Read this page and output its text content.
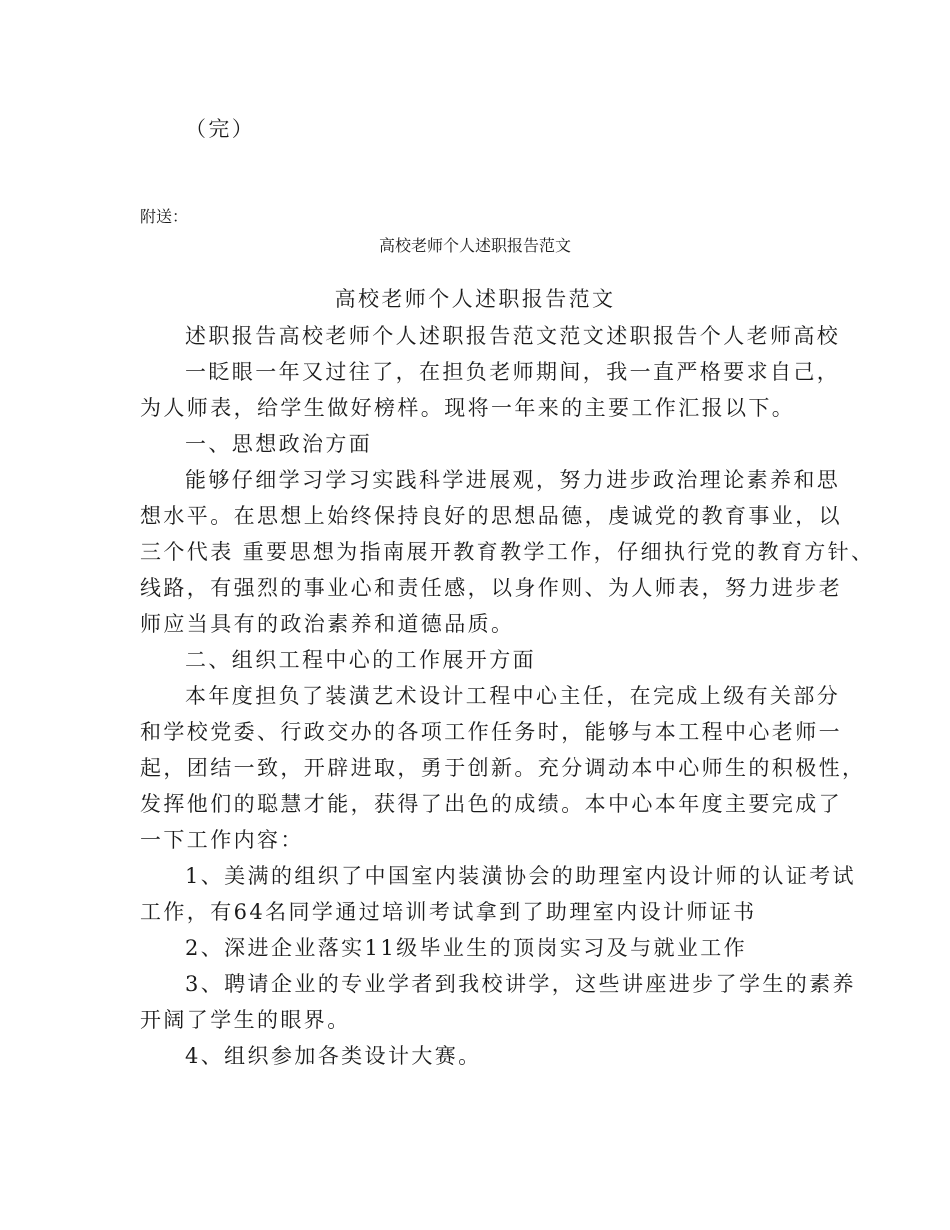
（完）
附送：
高校老师个人述职报告范文
高校老师个人述职报告范文
述职报告高校老师个人述职报告范文范文述职报告个人老师高校
一眨眼一年又过往了，在担负老师期间，我一直严格要求自己，
为人师表，给学生做好榜样。现将一年来的主要工作汇报以下。
一、思想政治方面
能够仔细学习学习实践科学进展观，努力进步政治理论素养和思
想水平。在思想上始终保持良好的思想品德，虔诚党的教育事业，以
三个代表 重要思想为指南展开教育教学工作，仔细执行党的教育方针、
线路，有强烈的事业心和责任感，以身作则、为人师表，努力进步老
师应当具有的政治素养和道德品质。
二、组织工程中心的工作展开方面
本年度担负了装潢艺术设计工程中心主任，在完成上级有关部分
和学校党委、行政交办的各项工作任务时，能够与本工程中心老师一
起，团结一致，开辟进取，勇于创新。充分调动本中心师生的积极性，
发挥他们的聪慧才能，获得了出色的成绩。本中心本年度主要完成了
一下工作内容：
1、美满的组织了中国室内装潢协会的助理室内设计师的认证考试
工作，有64名同学通过培训考试拿到了助理室内设计师证书
2、深进企业落实11级毕业生的顶岗实习及与就业工作
3、聘请企业的专业学者到我校讲学，这些讲座进步了学生的素养
开阔了学生的眼界。
4、组织参加各类设计大赛。
